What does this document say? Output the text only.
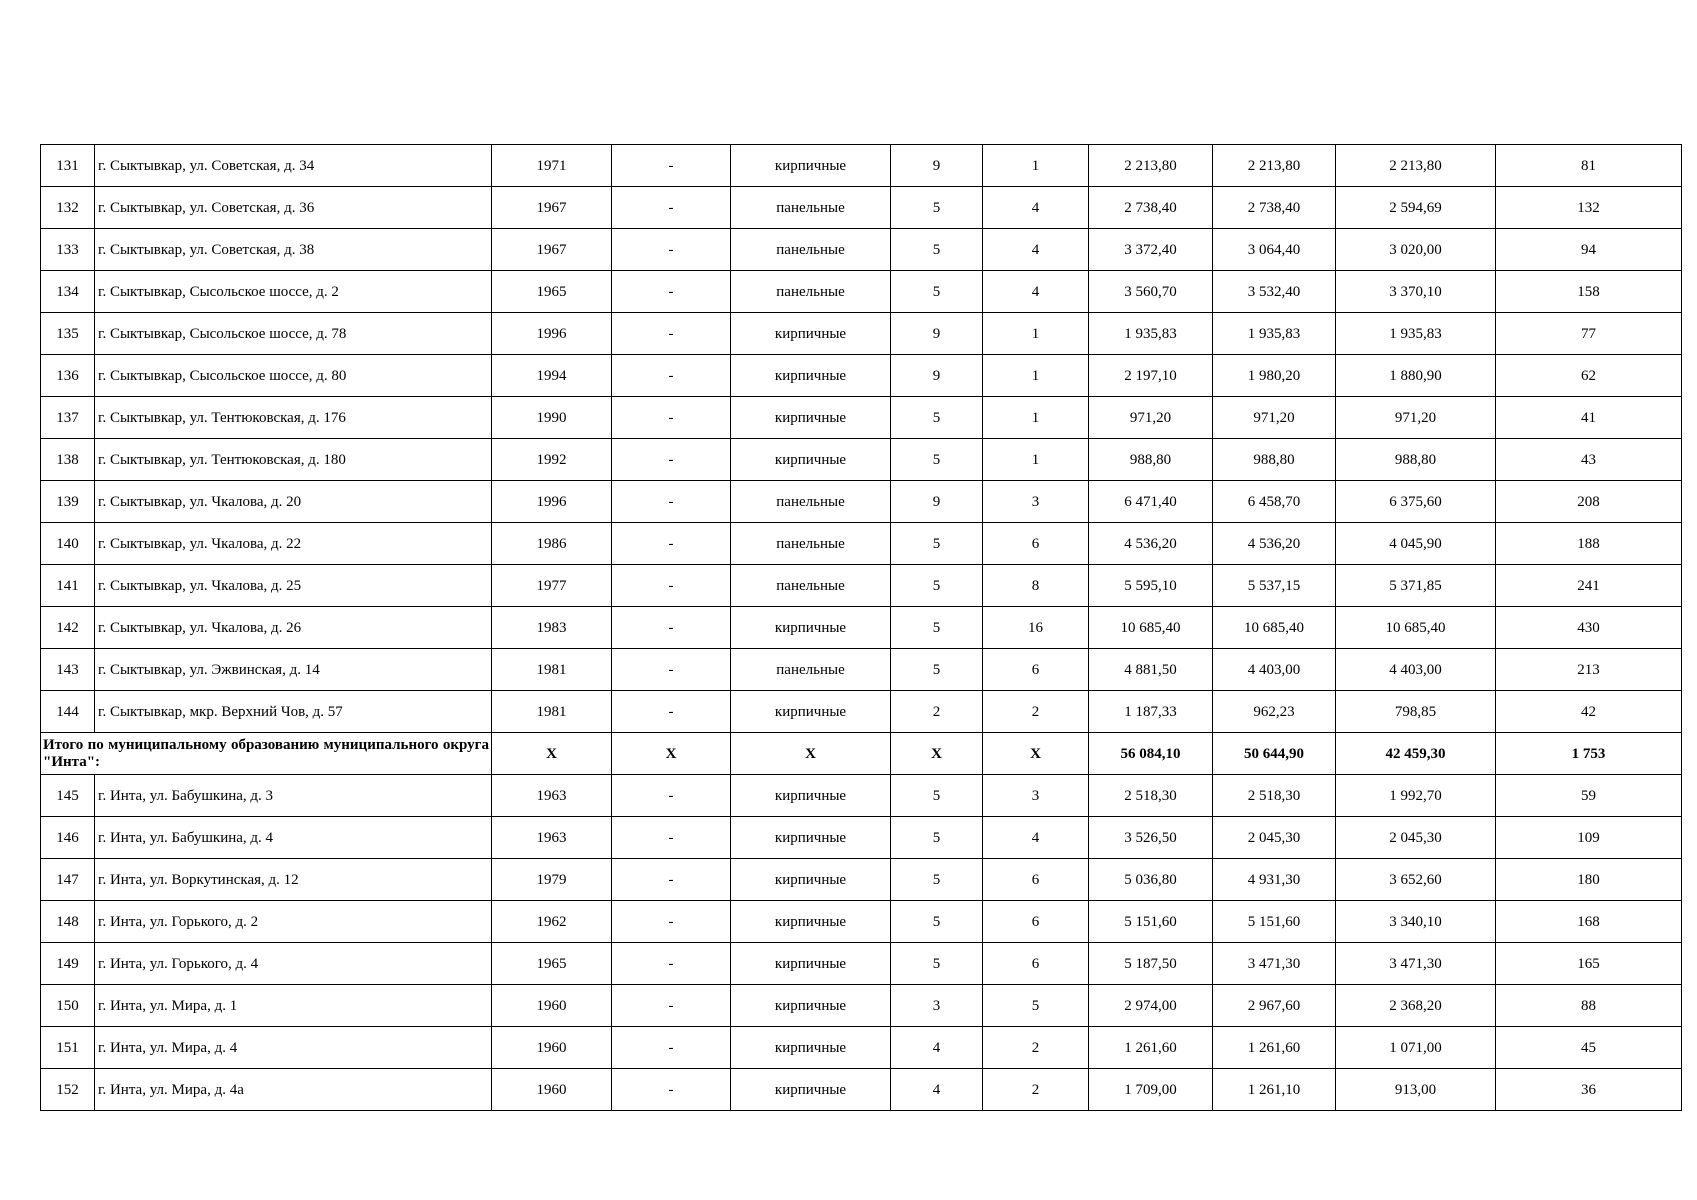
131	г. Сыктывкар, ул. Советская, д. 34	1971	-	кирпичные	9	1	2 213,80	2 213,80	2 213,80	81
132	г. Сыктывкар, ул. Советская, д. 36	1967	-	панельные	5	4	2 738,40	2 738,40	2 594,69	132
133	г. Сыктывкар, ул. Советская, д. 38	1967	-	панельные	5	4	3 372,40	3 064,40	3 020,00	94
134	г. Сыктывкар, Сысольское шоссе, д. 2	1965	-	панельные	5	4	3 560,70	3 532,40	3 370,10	158
135	г. Сыктывкар, Сысольское шоссе, д. 78	1996	-	кирпичные	9	1	1 935,83	1 935,83	1 935,83	77
136	г. Сыктывкар, Сысольское шоссе, д. 80	1994	-	кирпичные	9	1	2 197,10	1 980,20	1 880,90	62
137	г. Сыктывкар, ул. Тентюковская, д. 176	1990	-	кирпичные	5	1	971,20	971,20	971,20	41
138	г. Сыктывкар, ул. Тентюковская, д. 180	1992	-	кирпичные	5	1	988,80	988,80	988,80	43
139	г. Сыктывкар, ул. Чкалова, д. 20	1996	-	панельные	9	3	6 471,40	6 458,70	6 375,60	208
140	г. Сыктывкар, ул. Чкалова, д. 22	1986	-	панельные	5	6	4 536,20	4 536,20	4 045,90	188
141	г. Сыктывкар, ул. Чкалова, д. 25	1977	-	панельные	5	8	5 595,10	5 537,15	5 371,85	241
142	г. Сыктывкар, ул. Чкалова, д. 26	1983	-	кирпичные	5	16	10 685,40	10 685,40	10 685,40	430
143	г. Сыктывкар, ул. Эжвинская, д. 14	1981	-	панельные	5	6	4 881,50	4 403,00	4 403,00	213
144	г. Сыктывкар, мкр. Верхний Чов, д. 57	1981	-	кирпичные	2	2	1 187,33	962,23	798,85	42
Итого по муниципальному образованию муниципального округа "Инта":		X	X	X	X	X	56 084,10	50 644,90	42 459,30	1 753
145	г. Инта, ул. Бабушкина, д. 3	1963	-	кирпичные	5	3	2 518,30	2 518,30	1 992,70	59
146	г. Инта, ул. Бабушкина, д. 4	1963	-	кирпичные	5	4	3 526,50	2 045,30	2 045,30	109
147	г. Инта, ул. Воркутинская, д. 12	1979	-	кирпичные	5	6	5 036,80	4 931,30	3 652,60	180
148	г. Инта, ул. Горького, д. 2	1962	-	кирпичные	5	6	5 151,60	5 151,60	3 340,10	168
149	г. Инта, ул. Горького, д. 4	1965	-	кирпичные	5	6	5 187,50	3 471,30	3 471,30	165
150	г. Инта, ул. Мира, д. 1	1960	-	кирпичные	3	5	2 974,00	2 967,60	2 368,20	88
151	г. Инта, ул. Мира, д. 4	1960	-	кирпичные	4	2	1 261,60	1 261,60	1 071,00	45
152	г. Инта, ул. Мира, д. 4а	1960	-	кирпичные	4	2	1 709,00	1 261,10	913,00	36
